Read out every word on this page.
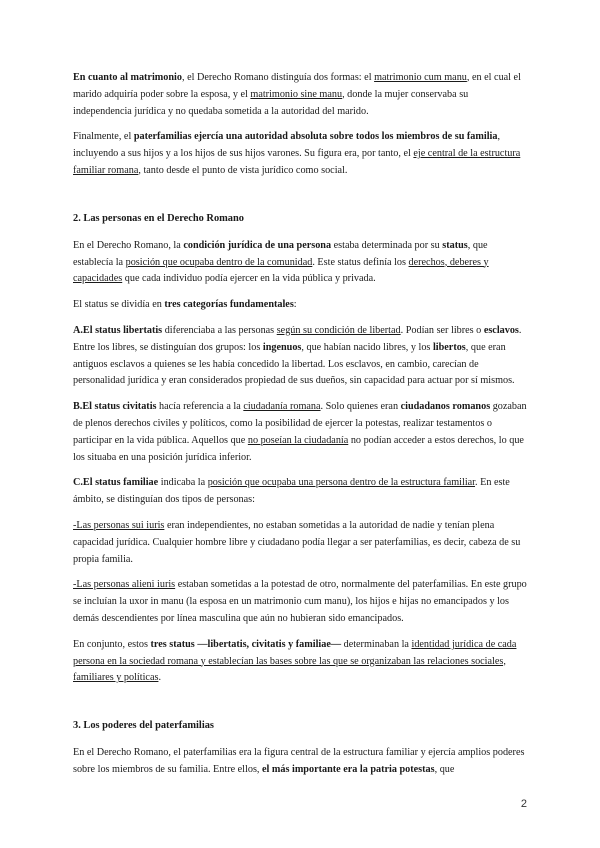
En cuanto al matrimonio, el Derecho Romano distinguía dos formas: el matrimonio cum manu, en el cual el marido adquiría poder sobre la esposa, y el matrimonio sine manu, donde la mujer conservaba su independencia jurídica y no quedaba sometida a la autoridad del marido.

Finalmente, el paterfamilias ejercía una autoridad absoluta sobre todos los miembros de su familia, incluyendo a sus hijos y a los hijos de sus hijos varones. Su figura era, por tanto, el eje central de la estructura familiar romana, tanto desde el punto de vista jurídico como social.

2. Las personas en el Derecho Romano

En el Derecho Romano, la condición jurídica de una persona estaba determinada por su status, que establecía la posición que ocupaba dentro de la comunidad. Este status definía los derechos, deberes y capacidades que cada individuo podía ejercer en la vida pública y privada.

El status se dividía en tres categorías fundamentales:

A.El status libertatis diferenciaba a las personas según su condición de libertad. Podían ser libres o esclavos. Entre los libres, se distinguían dos grupos: los ingenuos, que habían nacido libres, y los libertos, que eran antiguos esclavos a quienes se les había concedido la libertad. Los esclavos, en cambio, carecían de personalidad jurídica y eran considerados propiedad de sus dueños, sin capacidad para actuar por sí mismos.

B.El status civitatis hacía referencia a la ciudadanía romana. Solo quienes eran ciudadanos romanos gozaban de plenos derechos civiles y políticos, como la posibilidad de ejercer la potestas, realizar testamentos o participar en la vida pública. Aquellos que no poseían la ciudadanía no podían acceder a estos derechos, lo que los situaba en una posición jurídica inferior.

C.El status familiae indicaba la posición que ocupaba una persona dentro de la estructura familiar. En este ámbito, se distinguían dos tipos de personas:

-Las personas sui iuris eran independientes, no estaban sometidas a la autoridad de nadie y tenían plena capacidad jurídica. Cualquier hombre libre y ciudadano podía llegar a ser paterfamilias, es decir, cabeza de su propia familia.

-Las personas alieni iuris estaban sometidas a la potestad de otro, normalmente del paterfamilias. En este grupo se incluían la uxor in manu (la esposa en un matrimonio cum manu), los hijos e hijas no emancipados y los demás descendientes por línea masculina que aún no hubieran sido emancipados.

En conjunto, estos tres status —libertatis, civitatis y familiae— determinaban la identidad jurídica de cada persona en la sociedad romana y establecían las bases sobre las que se organizaban las relaciones sociales, familiares y políticas.

3. Los poderes del paterfamilias

En el Derecho Romano, el paterfamilias era la figura central de la estructura familiar y ejercía amplios poderes sobre los miembros de su familia. Entre ellos, el más importante era la patria potestas, que

2
